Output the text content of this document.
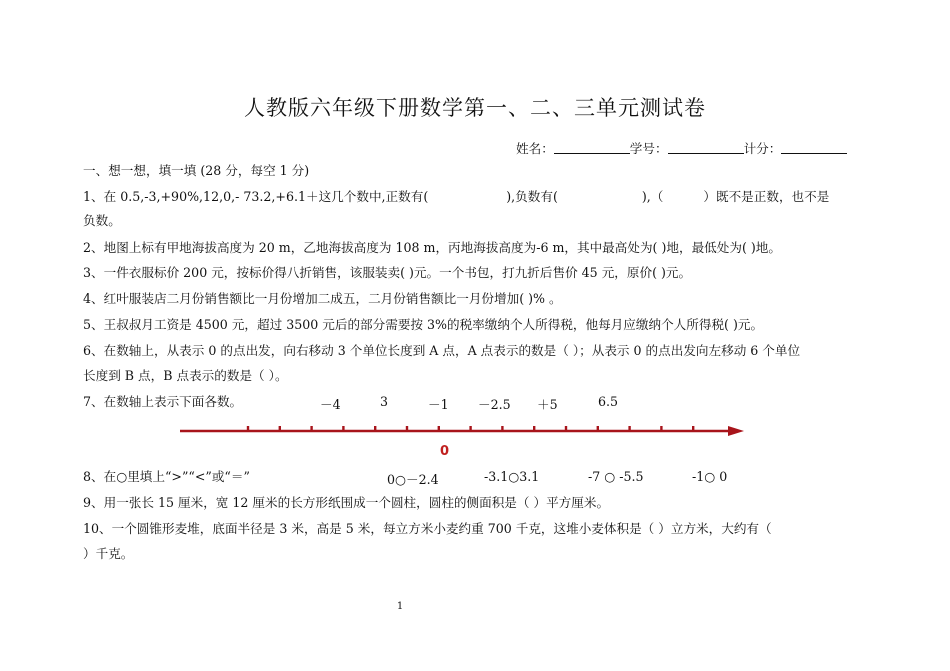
人教版六年级下册数学第一、二、三单元测试卷
姓名：	学号：	计分：
一、想一想，填一填 (28 分，每空 1 分)
1、在 0.5,-3,+90%,12,0,- 73.2,+6.1＋这几个数中,正数有(	),负数有(	),（	）既不是正数，也不是
负数。
2、地图上标有甲地海拔高度为 20 m，乙地海拔高度为 108 m，丙地海拔高度为-6 m，其中最高处为( )地，最低处为( )地。
3、一件衣服标价 200 元，按标价得八折销售，该服装卖( )元。一个书包，打九折后售价 45 元，原价( )元。
4、红叶服装店二月份销售额比一月份增加二成五，二月份销售额比一月份增加( )% 。
5、王叔叔月工资是 4500 元，超过 3500 元后的部分需要按 3%的税率缴纳个人所得税，他每月应缴纳个人所得税( )元。
6、在数轴上，从表示 0 的点出发，向右移动 3 个单位长度到 A 点，A 点表示的数是（ ）；从表示 0 的点出发向左移动 6 个单位
长度到 B 点，B 点表示的数是（ ）。
7、在数轴上表示下面各数。	－4	3	－1 －2.5 ＋5	6.5
0
8、在○里填上“>”“<”或“＝”	0○－2.4	-3.1○3.1	-7 ○ -5.5	-1○ 0
9、用一张长 15 厘米，宽 12 厘米的长方形纸围成一个圆柱，圆柱的侧面积是（ ）平方厘米。
10、一个圆锥形麦堆，底面半径是 3 米，高是 5 米，每立方米小麦约重 700 千克，这堆小麦体积是（ ）立方米，大约有（
）千克。
1
